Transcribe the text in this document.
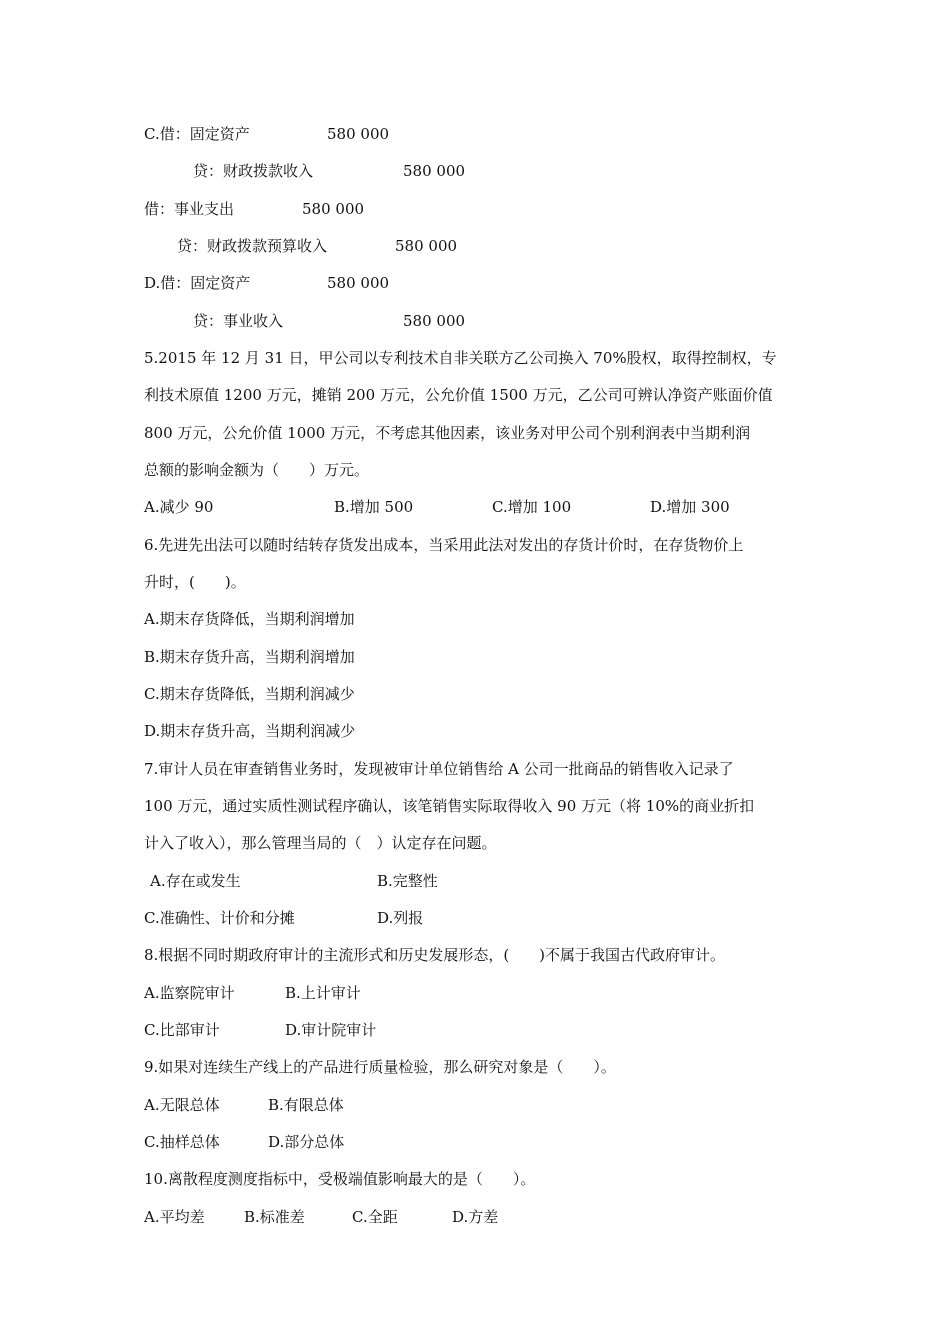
C.借：固定资产	580 000
贷：财政拨款收入	580 000
借：事业支出	580 000
贷：财政拨款预算收入	580 000
D.借：固定资产	580 000
贷：事业收入	580 000
5.2015 年 12 月 31 日，甲公司以专利技术自非关联方乙公司换入 70%股权，取得控制权，专
利技术原值 1200 万元，摊销 200 万元，公允价值 1500 万元，乙公司可辨认净资产账面价值
800 万元，公允价值 1000 万元，不考虑其他因素，该业务对甲公司个别利润表中当期利润
总额的影响金额为（　　）万元。
A.减少 90	B.增加 500	C.增加 100	D.增加 300
6.先进先出法可以随时结转存货发出成本，当采用此法对发出的存货计价时，在存货物价上
升时，(　　)。
A.期末存货降低，当期利润增加
B.期末存货升高，当期利润增加
C.期末存货降低，当期利润减少
D.期末存货升高，当期利润减少
7.审计人员在审查销售业务时，发现被审计单位销售给 A 公司一批商品的销售收入记录了
100 万元，通过实质性测试程序确认，该笔销售实际取得收入 90 万元（将 10%的商业折扣
计入了收入），那么管理当局的（　）认定存在问题。
A.存在或发生	B.完整性
C.准确性、计价和分摊	D.列报
8.根据不同时期政府审计的主流形式和历史发展形态，(　　)不属于我国古代政府审计。
A.监察院审计	B.上计审计
C.比部审计	D.审计院审计
9.如果对连续生产线上的产品进行质量检验，那么研究对象是（　　）。
A.无限总体	B.有限总体
C.抽样总体	D.部分总体
10.离散程度测度指标中，受极端值影响最大的是（　　）。
A.平均差	B.标准差	C.全距	D.方差
